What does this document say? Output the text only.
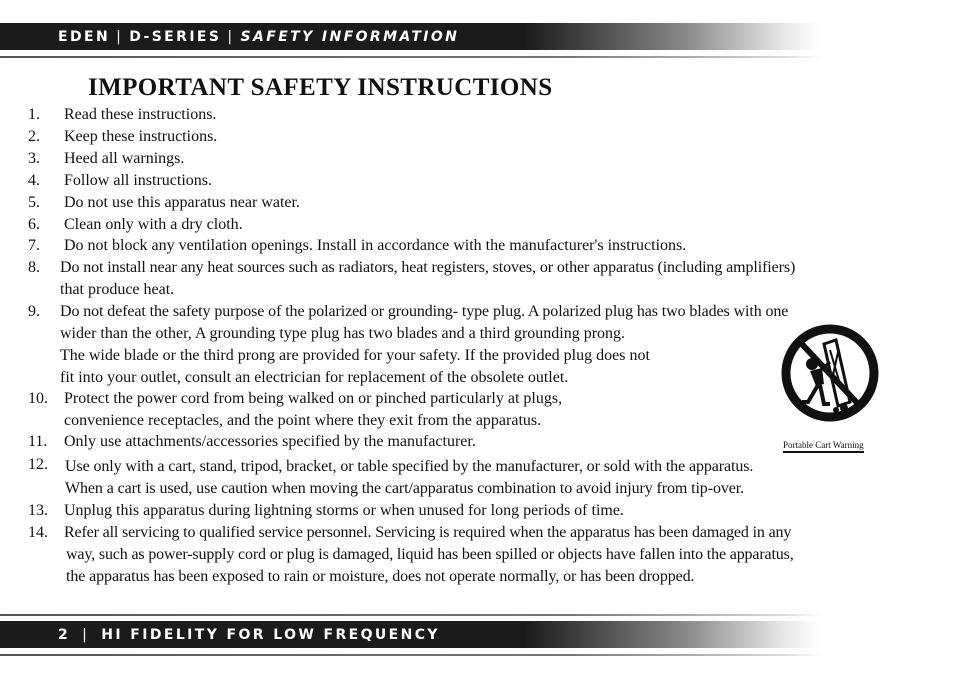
EDEN | D-SERIES | SAFETY INFORMATION
IMPORTANT SAFETY INSTRUCTIONS
1. Read these instructions.
2. Keep these instructions.
3. Heed all warnings.
4. Follow all instructions.
5. Do not use this apparatus near water.
6. Clean only with a dry cloth.
7. Do not block any ventilation openings. Install in accordance with the manufacturer's instructions.
8. Do not install near any heat sources such as radiators, heat registers, stoves, or other apparatus (including amplifiers)
that produce heat.
9. Do not defeat the safety purpose of the polarized or grounding- type plug. A polarized plug has two blades with one
wider than the other, A grounding type plug has two blades and a third grounding prong.
The wide blade or the third prong are provided for your safety. If the provided plug does not
fit into your outlet, consult an electrician for replacement of the obsolete outlet.
10. Protect the power cord from being walked on or pinched particularly at plugs,
convenience receptacles, and the point where they exit from the apparatus.
11. Only use attachments/accessories specified by the manufacturer.
12. Use only with a cart, stand, tripod, bracket, or table specified by the manufacturer, or sold with the apparatus.
When a cart is used, use caution when moving the cart/apparatus combination to avoid injury from tip-over.
13. Unplug this apparatus during lightning storms or when unused for long periods of time.
14. Refer all servicing to qualified service personnel. Servicing is required when the apparatus has been damaged in any
way, such as power-supply cord or plug is damaged, liquid has been spilled or objects have fallen into the apparatus,
the apparatus has been exposed to rain or moisture, does not operate normally, or has been dropped.
Portable Cart Warning
2 | HI FIDELITY FOR LOW FREQUENCY
